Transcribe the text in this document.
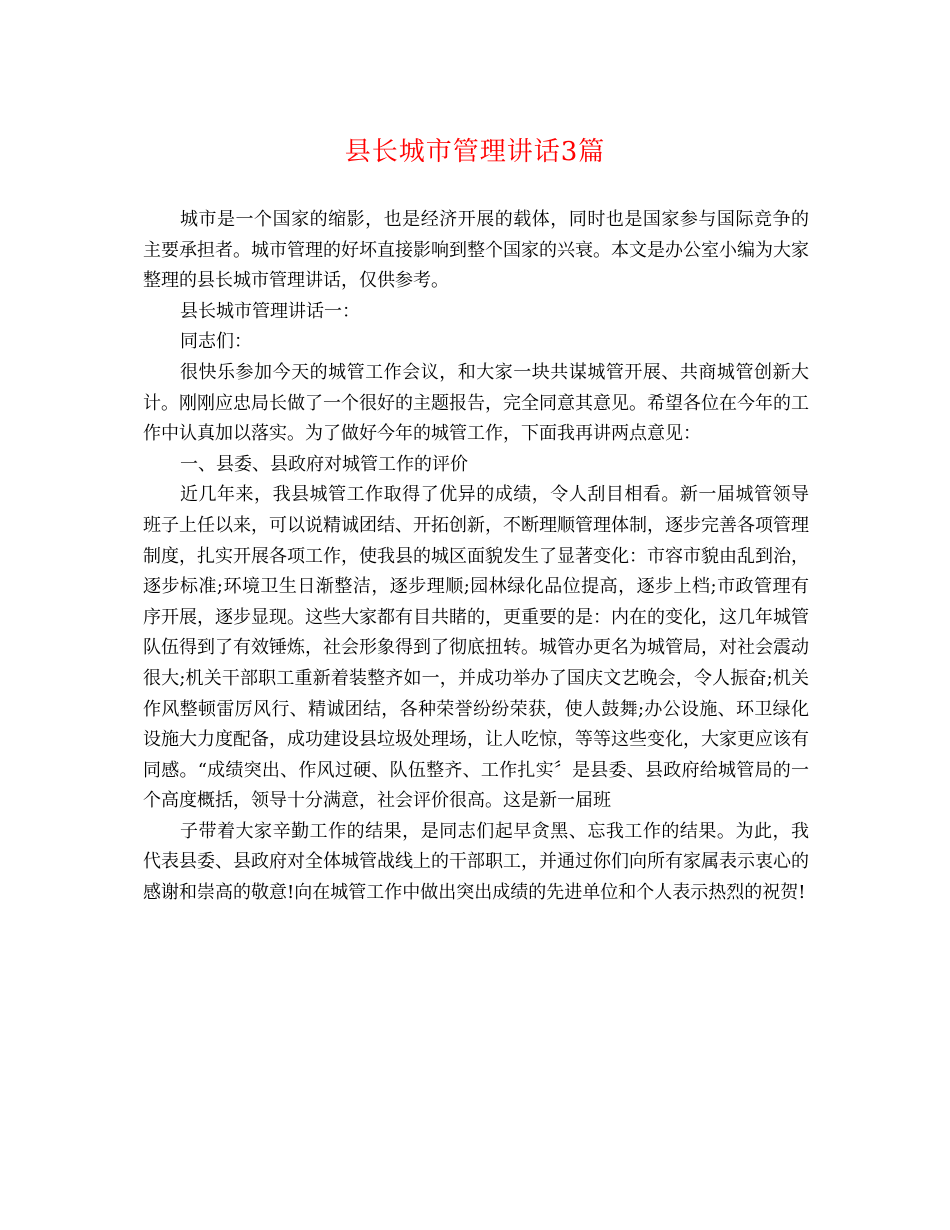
县长城市管理讲话3篇

城市是一个国家的缩影，也是经济开展的载体，同时也是国家参与国际竞争的主要承担者。城市管理的好坏直接影响到整个国家的兴衰。本文是办公室小编为大家整理的县长城市管理讲话，仅供参考。

县长城市管理讲话一：

同志们：

很快乐参加今天的城管工作会议，和大家一块共谋城管开展、共商城管创新大计。刚刚应忠局长做了一个很好的主题报告，完全同意其意见。希望各位在今年的工作中认真加以落实。为了做好今年的城管工作，下面我再讲两点意见：

一、县委、县政府对城管工作的评价

近几年来，我县城管工作取得了优异的成绩，令人刮目相看。新一届城管领导班子上任以来，可以说精诚团结、开拓创新，不断理顺管理体制，逐步完善各项管理制度，扎实开展各项工作，使我县的城区面貌发生了显著变化：市容市貌由乱到治，逐步标准;环境卫生日渐整洁，逐步理顺;园林绿化品位提高，逐步上档;市政管理有序开展，逐步显现。这些大家都有目共睹的，更重要的是：内在的变化，这几年城管队伍得到了有效锤炼，社会形象得到了彻底扭转。城管办更名为城管局，对社会震动很大;机关干部职工重新着装整齐如一，并成功举办了国庆文艺晚会，令人振奋;机关作风整顿雷厉风行、精诚团结，各种荣誉纷纷荣获，使人鼓舞;办公设施、环卫绿化设施大力度配备，成功建设县垃圾处理场，让人吃惊，等等这些变化，大家更应该有同感。“成绩突出、作风过硬、队伍整齐、工作扎实〞是县委、县政府给城管局的一个高度概括，领导十分满意，社会评价很高。这是新一届班

子带着大家辛勤工作的结果，是同志们起早贪黑、忘我工作的结果。为此，我代表县委、县政府对全体城管战线上的干部职工，并通过你们向所有家属表示衷心的感谢和崇高的敬意!向在城管工作中做出突出成绩的先进单位和个人表示热烈的祝贺!
